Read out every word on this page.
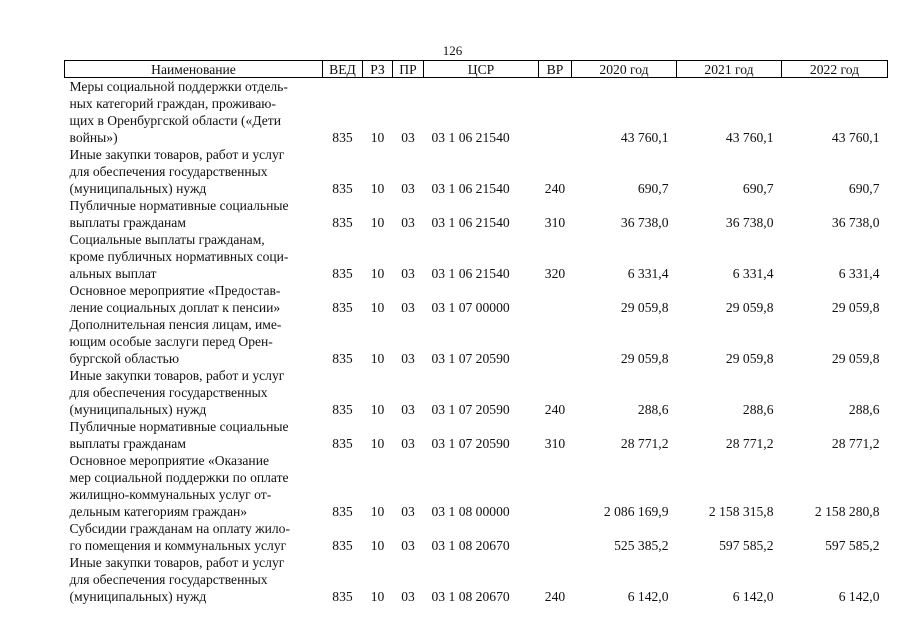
126
Наименование	ВЕД	РЗ	ПР	ЦСР	ВР	2020 год	2021 год	2022 год

Меры социальной поддержки отдель-
ных категорий граждан, проживаю-
щих в Оренбургской области («Дети
войны»)	835	10	03	03 1 06 21540		43 760,1	43 760,1	43 760,1

Иные закупки товаров, работ и услуг
для обеспечения государственных
(муниципальных) нужд	835	10	03	03 1 06 21540	240	690,7	690,7	690,7

Публичные нормативные социальные
выплаты гражданам	835	10	03	03 1 06 21540	310	36 738,0	36 738,0	36 738,0

Социальные выплаты гражданам,
кроме публичных нормативных соци-
альных выплат	835	10	03	03 1 06 21540	320	6 331,4	6 331,4	6 331,4

Основное мероприятие «Предостав-
ление социальных доплат к пенсии»	835	10	03	03 1 07 00000		29 059,8	29 059,8	29 059,8

Дополнительная пенсия лицам, име-
ющим особые заслуги перед Орен-
бургской областью	835	10	03	03 1 07 20590		29 059,8	29 059,8	29 059,8

Иные закупки товаров, работ и услуг
для обеспечения государственных
(муниципальных) нужд	835	10	03	03 1 07 20590	240	288,6	288,6	288,6

Публичные нормативные социальные
выплаты гражданам	835	10	03	03 1 07 20590	310	28 771,2	28 771,2	28 771,2

Основное мероприятие «Оказание
мер социальной поддержки по оплате
жилищно-коммунальных услуг от-
дельным категориям граждан»	835	10	03	03 1 08 00000		2 086 169,9	2 158 315,8	2 158 280,8

Субсидии гражданам на оплату жило-
го помещения и коммунальных услуг	835	10	03	03 1 08 20670		525 385,2	597 585,2	597 585,2

Иные закупки товаров, работ и услуг
для обеспечения государственных
(муниципальных) нужд	835	10	03	03 1 08 20670	240	6 142,0	6 142,0	6 142,0
